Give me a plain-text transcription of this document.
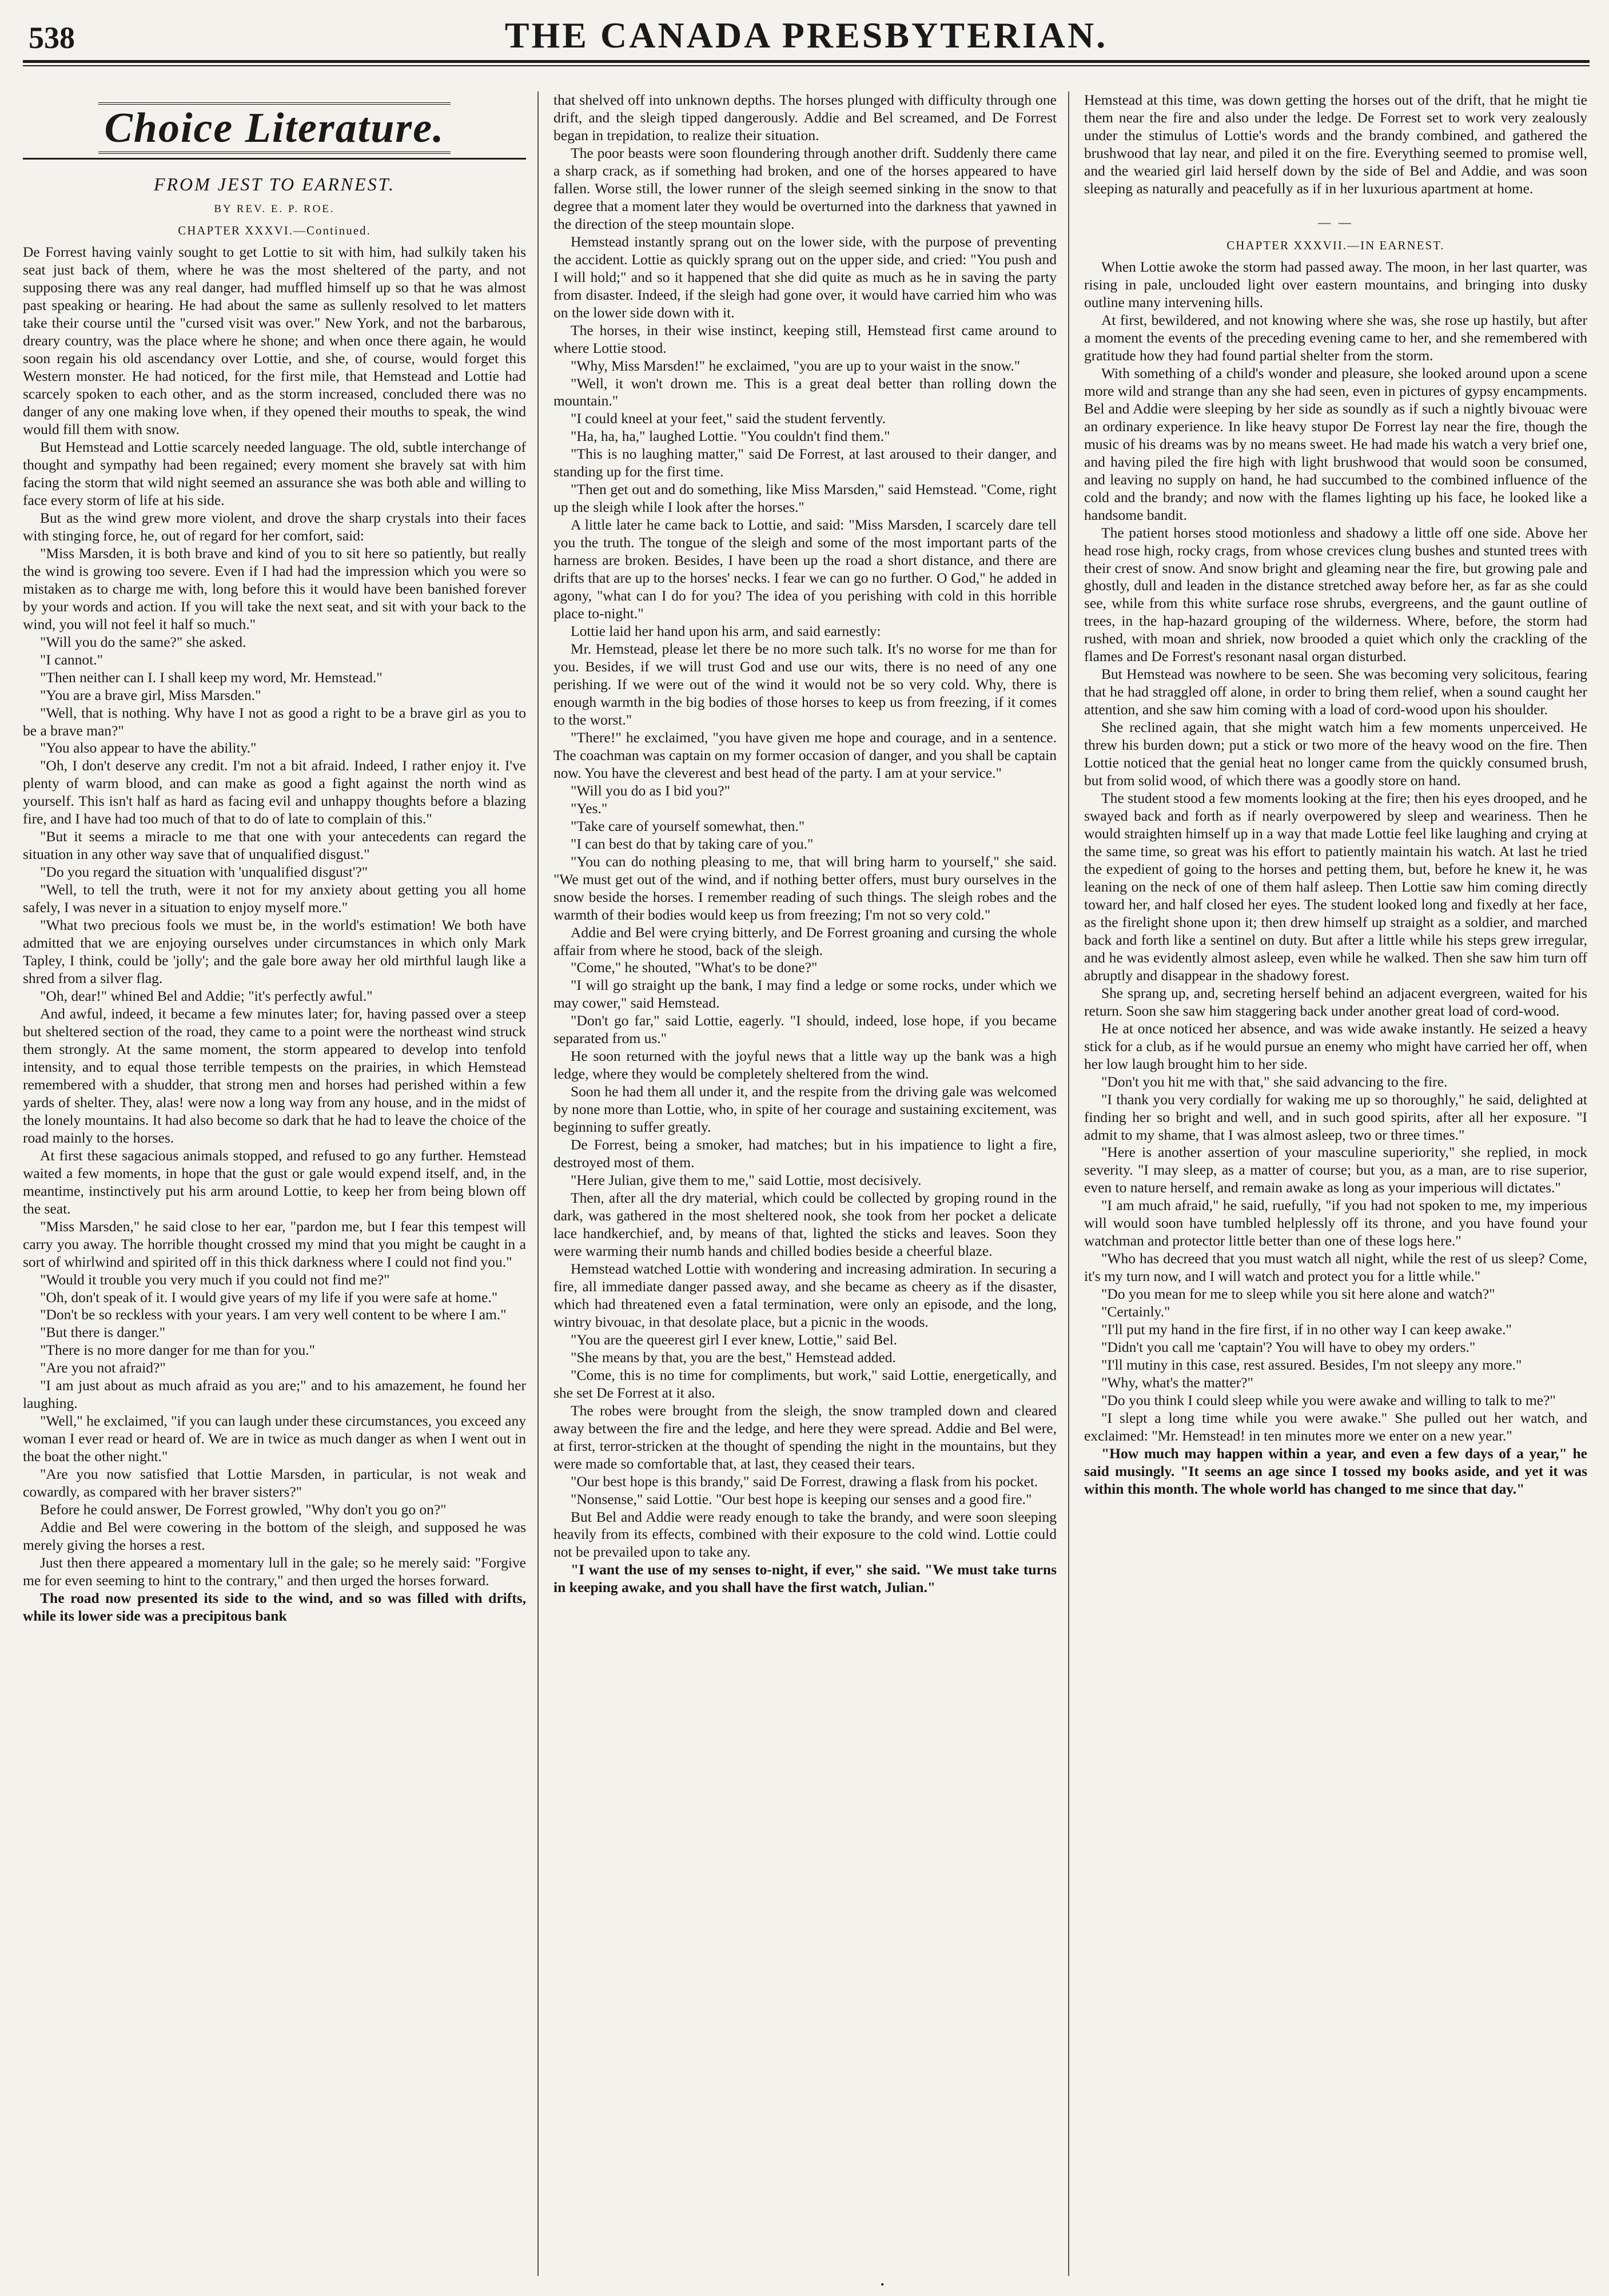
538	THE CANADA PRESBYTERIAN.
Choice Literature.
FROM JEST TO EARNEST.
BY REV. E. P. ROE.
CHAPTER XXXVI.—Continued.

De Forrest having vainly sought to get Lottie to sit with him, had sulkily taken his seat just back of them, where he was the most sheltered of the party, and not supposing there was any real danger, had muffled himself up so that he was almost past speaking or hearing. He had about the same as sullenly resolved to let matters take their course until the "cursed visit was over." New York, and not the barbarous, dreary country, was the place where he shone; and when once there again, he would soon regain his old ascendancy over Lottie, and she, of course, would forget this Western monster. He had noticed, for the first mile, that Hemstead and Lottie had scarcely spoken to each other, and as the storm increased, concluded there was no danger of any one making love when, if they opened their mouths to speak, the wind would fill them with snow.

But Hemstead and Lottie scarcely needed language. The old, subtle interchange of thought and sympathy had been regained; every moment she bravely sat with him facing the storm that wild night seemed an assurance she was both able and willing to face every storm of life at his side.

But as the wind grew more violent, and drove the sharp crystals into their faces with stinging force, he, out of regard for her comfort, said:

"Miss Marsden, it is both brave and kind of you to sit here so patiently, but really the wind is growing too severe. Even if I had had the impression which you were so mistaken as to charge me with, long before this it would have been banished forever by your words and action. If you will take the next seat, and sit with your back to the wind, you will not feel it half so much."

"Will you do the same?" she asked.

"I cannot."

"Then neither can I. I shall keep my word, Mr. Hemstead."

"You are a brave girl, Miss Marsden."

"Well, that is nothing. Why have I not as good a right to be a brave girl as you to be a brave man?"

"You also appear to have the ability."

"Oh, I don't deserve any credit. I'm not a bit afraid. Indeed, I rather enjoy it. I've plenty of warm blood, and can make as good a fight against the north wind as yourself. This isn't half as hard as facing evil and unhappy thoughts before a blazing fire, and I have had too much of that to do of late to complain of this."

"But it seems a miracle to me that one with your antecedents can regard the situation in any other way save that of unqualified disgust."

"Do you regard the situation with 'unqualified disgust'?"

"Well, to tell the truth, were it not for my anxiety about getting you all home safely, I was never in a situation to enjoy myself more."

"What two precious fools we must be, in the world's estimation! We both have admitted that we are enjoying ourselves under circumstances in which only Mark Tapley, I think, could be 'jolly'; and the gale bore away her old mirthful laugh like a shred from a silver flag.

"Oh, dear!" whined Bel and Addie; "it's perfectly awful."

And awful, indeed, it became a few minutes later; for, having passed over a steep but sheltered section of the road, they came to a point were the northeast wind struck them strongly. At the same moment, the storm appeared to develop into tenfold intensity, and to equal those terrible tempests on the prairies, in which Hemstead remembered with a shudder, that strong men and horses had perished within a few yards of shelter. They, alas! were now a long way from any house, and in the midst of the lonely mountains. It had also become so dark that he had to leave the choice of the road mainly to the horses.

At first these sagacious animals stopped, and refused to go any further. Hemstead waited a few moments, in hope that the gust or gale would expend itself, and, in the meantime, instinctively put his arm around Lottie, to keep her from being blown off the seat.

"Miss Marsden," he said close to her ear, "pardon me, but I fear this tempest will carry you away. The horrible thought crossed my mind that you might be caught in a sort of whirlwind and spirited off in this thick darkness where I could not find you."

"Would it trouble you very much if you could not find me?"

"Oh, don't speak of it. I would give years of my life if you were safe at home."

"Don't be so reckless with your years. I am very well content to be where I am."

"But there is danger."

"There is no more danger for me than for you."

"Are you not afraid?"

"I am just about as much afraid as you are;" and to his amazement, he found her laughing.

"Well," he exclaimed, "if you can laugh under these circumstances, you exceed any woman I ever read or heard of. We are in twice as much danger as when I went out in the boat the other night."

"Are you now satisfied that Lottie Marsden, in particular, is not weak and cowardly, as compared with her braver sisters?"

Before he could answer, De Forrest growled, "Why don't you go on?"

Addie and Bel were cowering in the bottom of the sleigh, and supposed he was merely giving the horses a rest.

Just then there appeared a momentary lull in the gale; so he merely said: "Forgive me for even seeming to hint to the contrary," and then urged the horses forward.

The road now presented its side to the wind, and so was filled with drifts, while its lower side was a precipitous bank

that shelved off into unknown depths. The horses plunged with difficulty through one drift, and the sleigh tipped dangerously. Addie and Bel screamed, and De Forrest began in trepidation, to realize their situation.

The poor beasts were soon floundering through another drift. Suddenly there came a sharp crack, as if something had broken, and one of the horses appeared to have fallen. Worse still, the lower runner of the sleigh seemed sinking in the snow to that degree that a moment later they would be overturned into the darkness that yawned in the direction of the steep mountain slope.

Hemstead instantly sprang out on the lower side, with the purpose of preventing the accident. Lottie as quickly sprang out on the upper side, and cried: "You push and I will hold;" and so it happened that she did quite as much as he in saving the party from disaster. Indeed, if the sleigh had gone over, it would have carried him who was on the lower side down with it.

The horses, in their wise instinct, keeping still, Hemstead first came around to where Lottie stood.

"Why, Miss Marsden!" he exclaimed, "you are up to your waist in the snow."

"Well, it won't drown me. This is a great deal better than rolling down the mountain."

"I could kneel at your feet," said the student fervently.

"Ha, ha, ha," laughed Lottie. "You couldn't find them."

"This is no laughing matter," said De Forrest, at last aroused to their danger, and standing up for the first time.

"Then get out and do something, like Miss Marsden," said Hemstead. "Come, right up the sleigh while I look after the horses."

A little later he came back to Lottie, and said: "Miss Marsden, I scarcely dare tell you the truth. The tongue of the sleigh and some of the most important parts of the harness are broken. Besides, I have been up the road a short distance, and there are drifts that are up to the horses' necks. I fear we can go no further. O God," he added in agony, "what can I do for you? The idea of you perishing with cold in this horrible place to-night."

Lottie laid her hand upon his arm, and said earnestly:

Mr. Hemstead, please let there be no more such talk. It's no worse for me than for you. Besides, if we will trust God and use our wits, there is no need of any one perishing. If we were out of the wind it would not be so very cold. Why, there is enough warmth in the big bodies of those horses to keep us from freezing, if it comes to the worst."

"There!" he exclaimed, "you have given me hope and courage, and in a sentence. The coachman was captain on my former occasion of danger, and you shall be captain now. You have the cleverest and best head of the party. I am at your service."

"Will you do as I bid you?"

"Yes."

"Take care of yourself somewhat, then."

"I can best do that by taking care of you."

"You can do nothing pleasing to me, that will bring harm to yourself," she said. "We must get out of the wind, and if nothing better offers, must bury ourselves in the snow beside the horses. I remember reading of such things. The sleigh robes and the warmth of their bodies would keep us from freezing; I'm not so very cold."

Addie and Bel were crying bitterly, and De Forrest groaning and cursing the whole affair from where he stood, back of the sleigh.

"Come," he shouted, "What's to be done?"

"I will go straight up the bank, I may find a ledge or some rocks, under which we may cower," said Hemstead.

"Don't go far," said Lottie, eagerly. "I should, indeed, lose hope, if you became separated from us."

He soon returned with the joyful news that a little way up the bank was a high ledge, where they would be completely sheltered from the wind.

Soon he had them all under it, and the respite from the driving gale was welcomed by none more than Lottie, who, in spite of her courage and sustaining excitement, was beginning to suffer greatly.

De Forrest, being a smoker, had matches; but in his impatience to light a fire, destroyed most of them.

"Here Julian, give them to me," said Lottie, most decisively.

Then, after all the dry material, which could be collected by groping round in the dark, was gathered in the most sheltered nook, she took from her pocket a delicate lace handkerchief, and, by means of that, lighted the sticks and leaves. Soon they were warming their numb hands and chilled bodies beside a cheerful blaze.

Hemstead watched Lottie with wondering and increasing admiration. In securing a fire, all immediate danger passed away, and she became as cheery as if the disaster, which had threatened even a fatal termination, were only an episode, and the long, wintry bivouac, in that desolate place, but a picnic in the woods.

"You are the queerest girl I ever knew, Lottie," said Bel.

"She means by that, you are the best," Hemstead added.

"Come, this is no time for compliments, but work," said Lottie, energetically, and she set De Forrest at it also.

The robes were brought from the sleigh, the snow trampled down and cleared away between the fire and the ledge, and here they were spread. Addie and Bel were, at first, terror-stricken at the thought of spending the night in the mountains, but they were made so comfortable that, at last, they ceased their tears.

"Our best hope is this brandy," said De Forrest, drawing a flask from his pocket.

"Nonsense," said Lottie. "Our best hope is keeping our senses and a good fire."

But Bel and Addie were ready enough to take the brandy, and were soon sleeping heavily from its effects, combined with their exposure to the cold wind. Lottie could not be prevailed upon to take any.

"I want the use of my senses to-night, if ever," she said. "We must take turns in keeping awake, and you shall have the first watch, Julian."

Hemstead at this time, was down getting the horses out of the drift, that he might tie them near the fire and also under the ledge. De Forrest set to work very zealously under the stimulus of Lottie's words and the brandy combined, and gathered the brushwood that lay near, and piled it on the fire. Everything seemed to promise well, and the wearied girl laid herself down by the side of Bel and Addie, and was soon sleeping as naturally and peacefully as if in her luxurious apartment at home.

— —
CHAPTER XXXVII.—IN EARNEST.

When Lottie awoke the storm had passed away. The moon, in her last quarter, was rising in pale, unclouded light over eastern mountains, and bringing into dusky outline many intervening hills.

At first, bewildered, and not knowing where she was, she rose up hastily, but after a moment the events of the preceding evening came to her, and she remembered with gratitude how they had found partial shelter from the storm.

With something of a child's wonder and pleasure, she looked around upon a scene more wild and strange than any she had seen, even in pictures of gypsy encampments. Bel and Addie were sleeping by her side as soundly as if such a nightly bivouac were an ordinary experience. In like heavy stupor De Forrest lay near the fire, though the music of his dreams was by no means sweet. He had made his watch a very brief one, and having piled the fire high with light brushwood that would soon be consumed, and leaving no supply on hand, he had succumbed to the combined influence of the cold and the brandy; and now with the flames lighting up his face, he looked like a handsome bandit.

The patient horses stood motionless and shadowy a little off one side. Above her head rose high, rocky crags, from whose crevices clung bushes and stunted trees with their crest of snow. And snow bright and gleaming near the fire, but growing pale and ghostly, dull and leaden in the distance stretched away before her, as far as she could see, while from this white surface rose shrubs, evergreens, and the gaunt outline of trees, in the hap-hazard grouping of the wilderness. Where, before, the storm had rushed, with moan and shriek, now brooded a quiet which only the crackling of the flames and De Forrest's resonant nasal organ disturbed.

But Hemstead was nowhere to be seen. She was becoming very solicitous, fearing that he had straggled off alone, in order to bring them relief, when a sound caught her attention, and she saw him coming with a load of cord-wood upon his shoulder.

She reclined again, that she might watch him a few moments unperceived. He threw his burden down; put a stick or two more of the heavy wood on the fire. Then Lottie noticed that the genial heat no longer came from the quickly consumed brush, but from solid wood, of which there was a goodly store on hand.

The student stood a few moments looking at the fire; then his eyes drooped, and he swayed back and forth as if nearly overpowered by sleep and weariness. Then he would straighten himself up in a way that made Lottie feel like laughing and crying at the same time, so great was his effort to patiently maintain his watch. At last he tried the expedient of going to the horses and petting them, but, before he knew it, he was leaning on the neck of one of them half asleep. Then Lottie saw him coming directly toward her, and half closed her eyes. The student looked long and fixedly at her face, as the firelight shone upon it; then drew himself up straight as a soldier, and marched back and forth like a sentinel on duty. But after a little while his steps grew irregular, and he was evidently almost asleep, even while he walked. Then she saw him turn off abruptly and disappear in the shadowy forest.

She sprang up, and, secreting herself behind an adjacent evergreen, waited for his return. Soon she saw him staggering back under another great load of cord-wood.

He at once noticed her absence, and was wide awake instantly. He seized a heavy stick for a club, as if he would pursue an enemy who might have carried her off, when her low laugh brought him to her side.

"Don't you hit me with that," she said advancing to the fire.

"I thank you very cordially for waking me up so thoroughly," he said, delighted at finding her so bright and well, and in such good spirits, after all her exposure. "I admit to my shame, that I was almost asleep, two or three times."

"Here is another assertion of your masculine superiority," she replied, in mock severity. "I may sleep, as a matter of course; but you, as a man, are to rise superior, even to nature herself, and remain awake as long as your imperious will dictates."

"I am much afraid," he said, ruefully, "if you had not spoken to me, my imperious will would soon have tumbled helplessly off its throne, and you have found your watchman and protector little better than one of these logs here."

"Who has decreed that you must watch all night, while the rest of us sleep? Come, it's my turn now, and I will watch and protect you for a little while."

"Do you mean for me to sleep while you sit here alone and watch?"

"Certainly."

"I'll put my hand in the fire first, if in no other way I can keep awake."

"Didn't you call me 'captain'? You will have to obey my orders."

"I'll mutiny in this case, rest assured. Besides, I'm not sleepy any more."

"Why, what's the matter?"

"Do you think I could sleep while you were awake and willing to talk to me?"

"I slept a long time while you were awake." She pulled out her watch, and exclaimed: "Mr. Hemstead! in ten minutes more we enter on a new year."

"How much may happen within a year, and even a few days of a year," he said musingly. "It seems an age since I tossed my books aside, and yet it was within this month. The whole world has changed to me since that day."

•
